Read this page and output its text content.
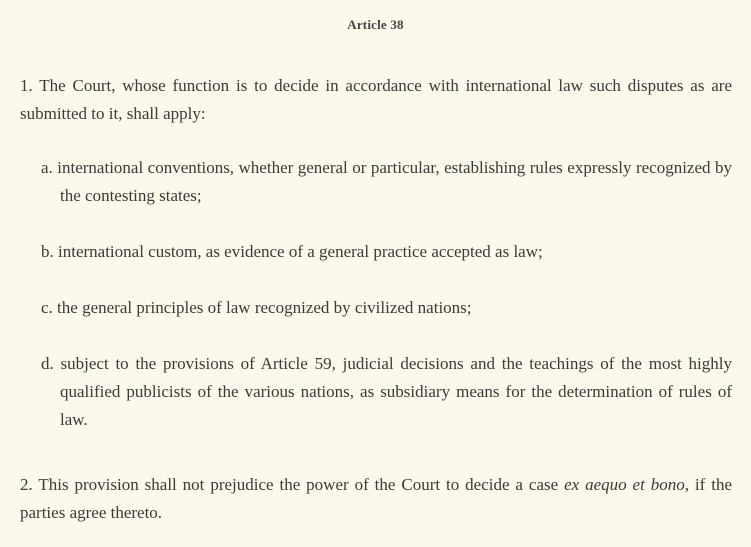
Article 38

1. The Court, whose function is to decide in accordance with international law such disputes as are submitted to it, shall apply:

a. international conventions, whether general or particular, establishing rules expressly recognized by the contesting states;

b. international custom, as evidence of a general practice accepted as law;

c. the general principles of law recognized by civilized nations;

d. subject to the provisions of Article 59, judicial decisions and the teachings of the most highly qualified publicists of the various nations, as subsidiary means for the determination of rules of law.

2. This provision shall not prejudice the power of the Court to decide a case ex aequo et bono, if the parties agree thereto.
